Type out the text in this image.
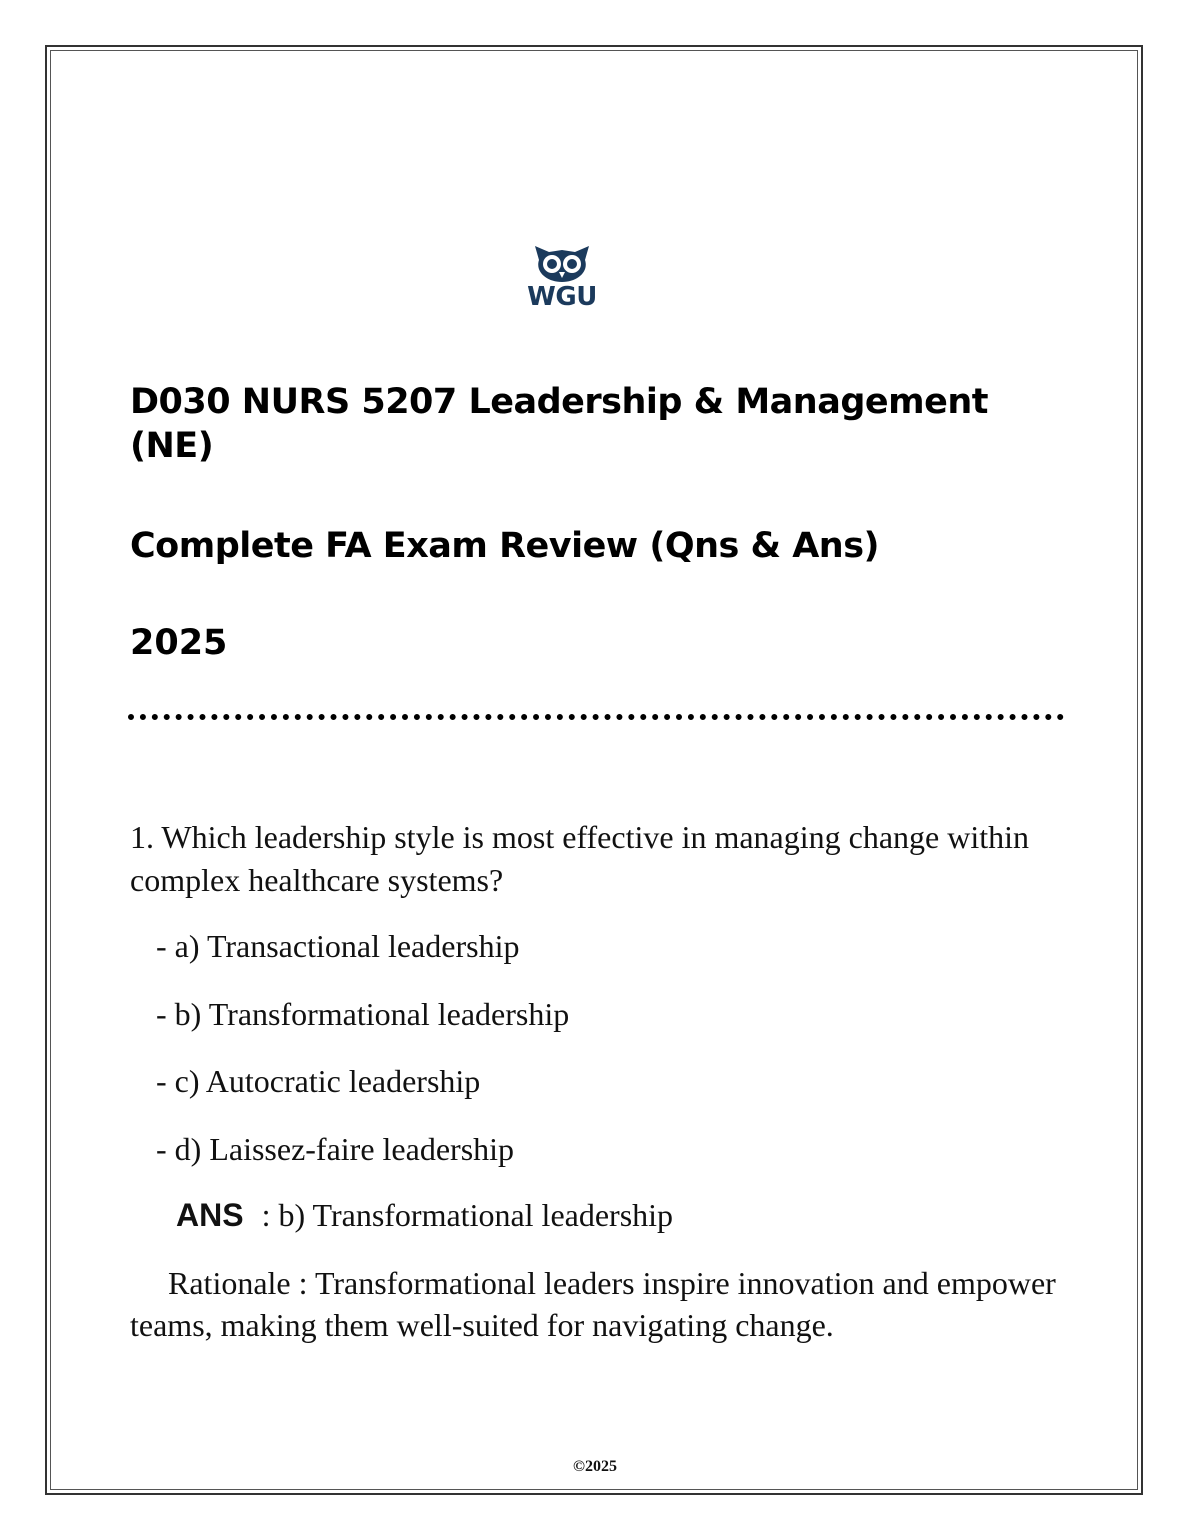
WGU
D030 NURS 5207 Leadership & Management (NE)
Complete FA Exam Review (Qns & Ans)
2025
1. Which leadership style is most effective in managing change within complex healthcare systems?
- a) Transactional leadership
- b) Transformational leadership
- c) Autocratic leadership
- d) Laissez-faire leadership
ANS : b) Transformational leadership
Rationale : Transformational leaders inspire innovation and empower teams, making them well-suited for navigating change.
©2025
